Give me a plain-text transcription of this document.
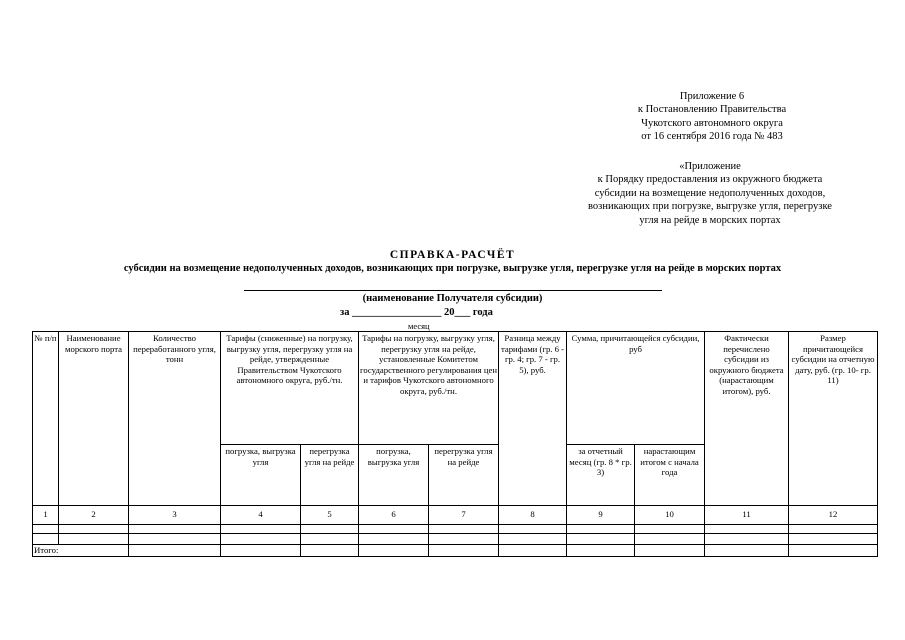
Приложение 6
к Постановлению Правительства
Чукотского автономного округа
от 16 сентября 2016 года № 483
«Приложение
к Порядку предоставления из окружного бюджета
субсидии на возмещение недополученных доходов,
возникающих при погрузке, выгрузке угля, перегрузке
угля на рейде в морских портах
СПРАВКА-РАСЧЁТ
субсидии на возмещение недополученных доходов, возникающих при погрузке, выгрузке угля, перегрузке угля на рейде в морских портах
(наименование Получателя субсидии)
за _________________ 20___ года
месяц
№ п/п	Наименование морского порта	Количество переработанного угля, тонн	Тарифы (сниженные) на погрузку, выгрузку угля, перегрузку угля на рейде, утвержденные Правительством Чукотского автономного округа, руб./тн.		Тарифы на погрузку, выгрузку угля, перегрузку угля на рейде, установленные Комитетом государственного регулирования цен и тарифов Чукотского автономного округа, руб./тн.		Разница между тарифами (гр. 6 - гр. 4; гр. 7 - гр. 5), руб.	Сумма, причитающейся субсидии, руб		Фактически перечислено субсидии из окружного бюджета (нарастающим итогом), руб.	Размер причитающейся субсидии на отчетную дату, руб. (гр. 10- гр. 11)
			погрузка, выгрузка угля	перегрузка угля на рейде	погрузка, выгрузка угля	перегрузка угля на рейде		за отчетный месяц (гр. 8 * гр. 3)	нарастающим итогом с начала года		
1	2	3	4	5	6	7	8	9	10	11	12

Итого:											
